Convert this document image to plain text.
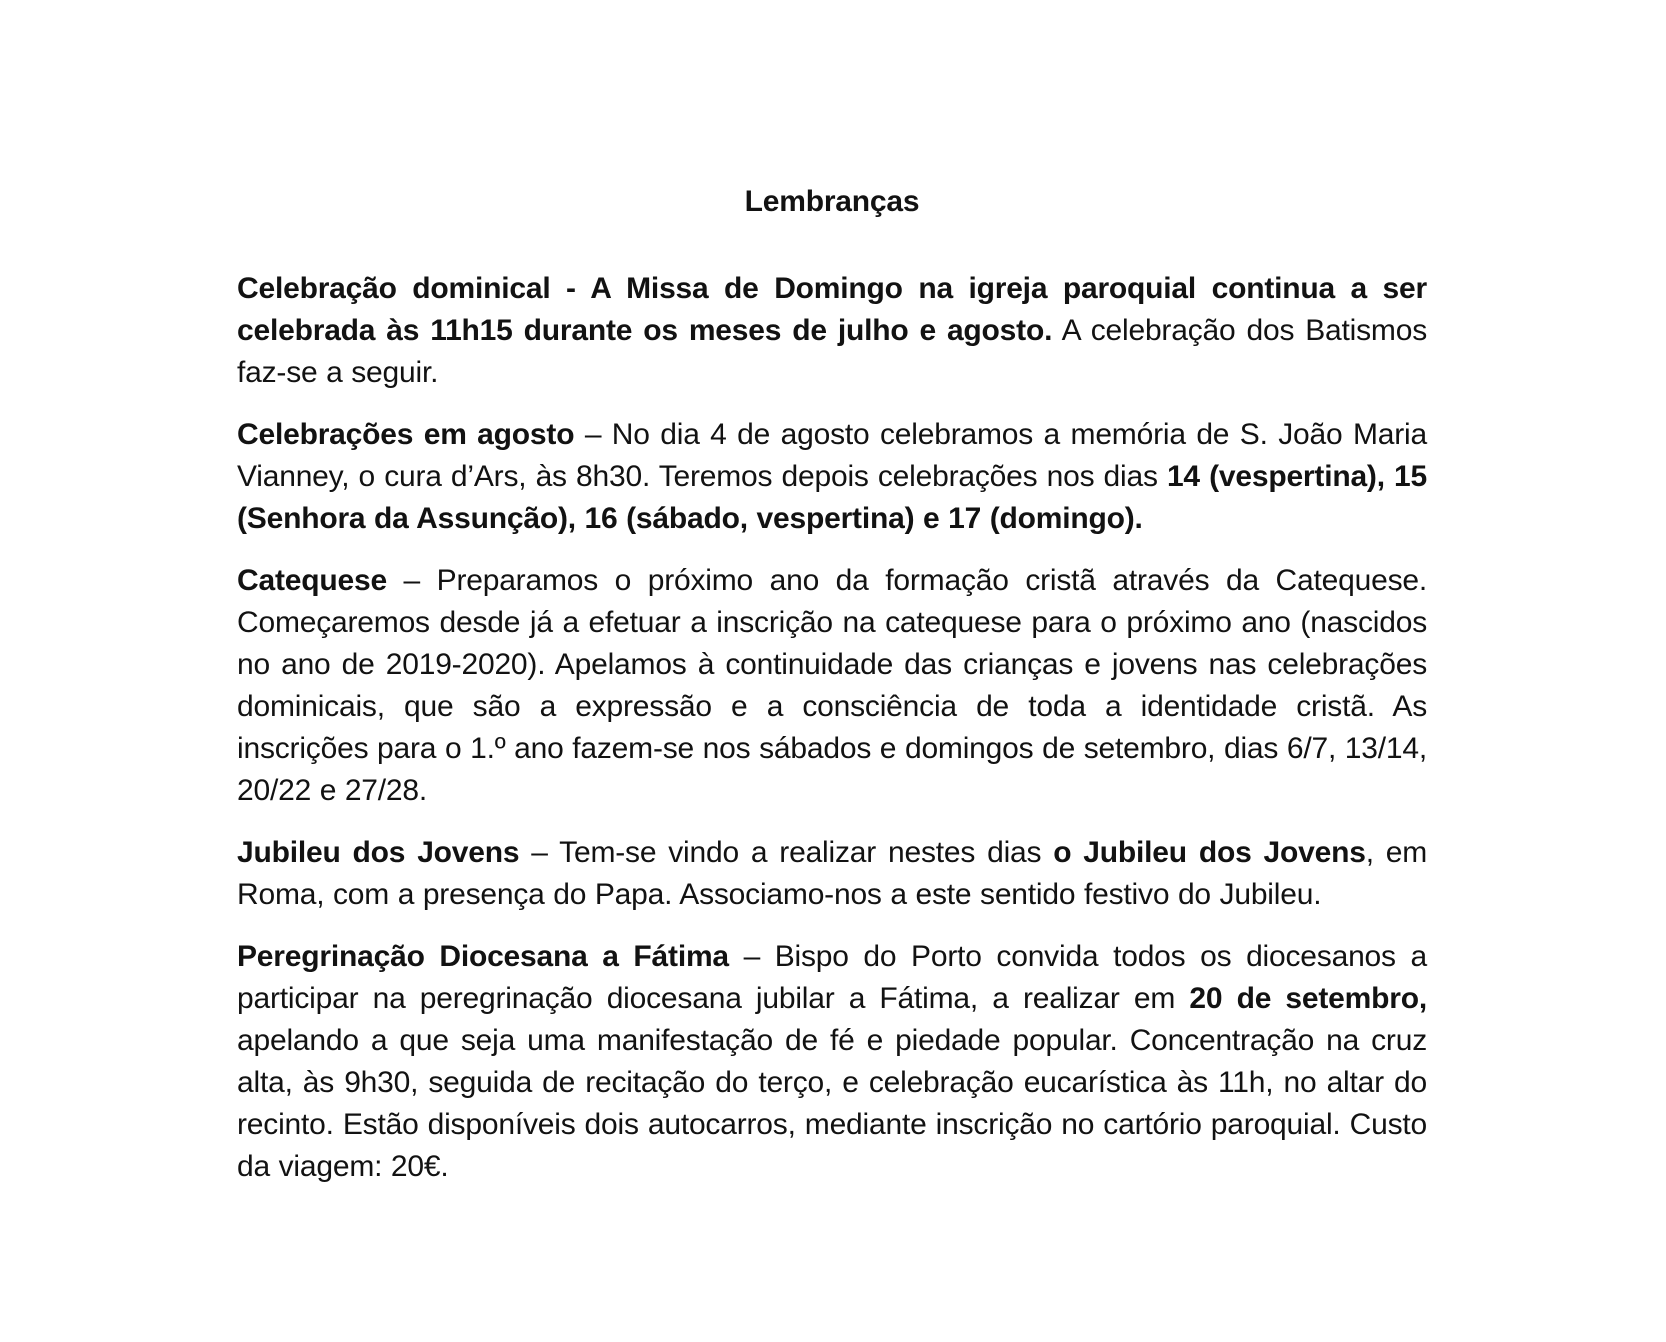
Lembranças

Celebração dominical - A Missa de Domingo na igreja paroquial continua a ser celebrada às 11h15 durante os meses de julho e agosto. A celebração dos Batismos faz-se a seguir.

Celebrações em agosto – No dia 4 de agosto celebramos a memória de S. João Maria Vianney, o cura d’Ars, às 8h30. Teremos depois celebrações nos dias 14 (vespertina), 15 (Senhora da Assunção), 16 (sábado, vespertina) e 17 (domingo).

Catequese – Preparamos o próximo ano da formação cristã através da Catequese. Começaremos desde já a efetuar a inscrição na catequese para o próximo ano (nascidos no ano de 2019-2020). Apelamos à continuidade das crianças e jovens nas celebrações dominicais, que são a expressão e a consciência de toda a identidade cristã. As inscrições para o 1.º ano fazem-se nos sábados e domingos de setembro, dias 6/7, 13/14, 20/22 e 27/28.

Jubileu dos Jovens – Tem-se vindo a realizar nestes dias o Jubileu dos Jovens, em Roma, com a presença do Papa. Associamo-nos a este sentido festivo do Jubileu.

Peregrinação Diocesana a Fátima – Bispo do Porto convida todos os diocesanos a participar na peregrinação diocesana jubilar a Fátima, a realizar em 20 de setembro, apelando a que seja uma manifestação de fé e piedade popular. Concentração na cruz alta, às 9h30, seguida de recitação do terço, e celebração eucarística às 11h, no altar do recinto. Estão disponíveis dois autocarros, mediante inscrição no cartório paroquial. Custo da viagem: 20€.
